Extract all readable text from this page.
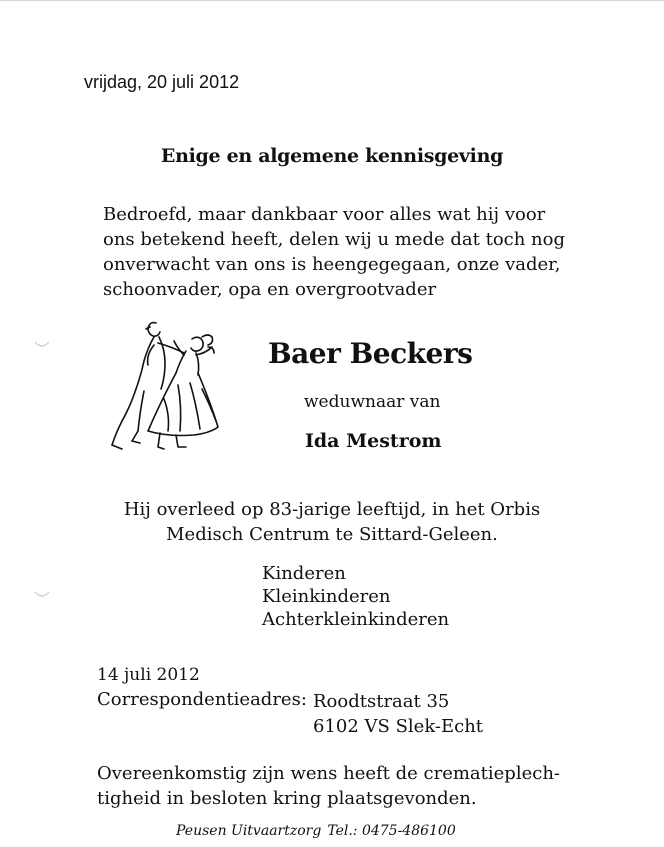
vrijdag, 20 juli 2012
Enige en algemene kennisgeving
Bedroefd, maar dankbaar voor alles wat hij voor
ons betekend heeft, delen wij u mede dat toch nog
onverwacht van ons is heengegegaan, onze vader,
schoonvader, opa en overgrootvader
Baer Beckers
weduwnaar van
Ida Mestrom
Hij overleed op 83-jarige leeftijd, in het Orbis
Medisch Centrum te Sittard-Geleen.
Kinderen
Kleinkinderen
Achterkleinkinderen
14 juli 2012
Correspondentieadres: Roodtstraat 35
6102 VS Slek-Echt
Overeenkomstig zijn wens heeft de crematieplech-
tigheid in besloten kring plaatsgevonden.
Peusen Uitvaartzorg Tel.: 0475-486100
